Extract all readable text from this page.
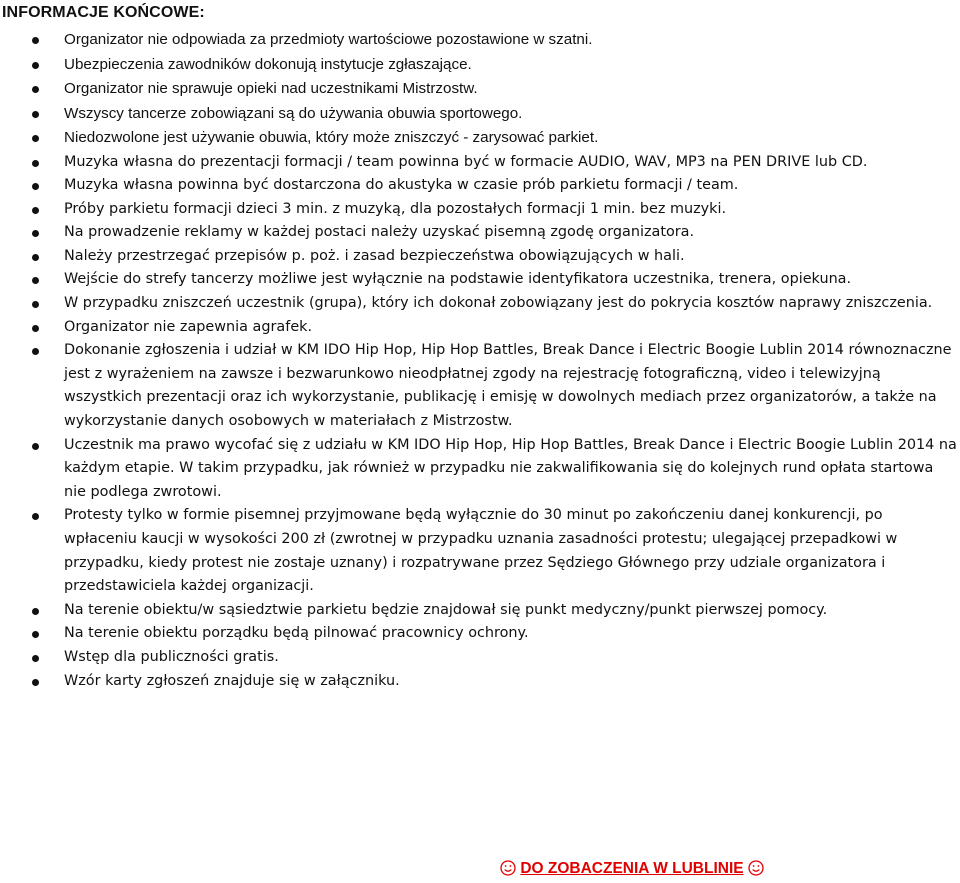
INFORMACJE KOŃCOWE:
Organizator nie odpowiada za przedmioty wartościowe pozostawione w szatni.
Ubezpieczenia zawodników dokonują instytucje zgłaszające.
Organizator nie sprawuje opieki nad uczestnikami Mistrzostw.
Wszyscy tancerze zobowiązani są do używania obuwia sportowego.
Niedozwolone jest używanie obuwia, który może zniszczyć - zarysować parkiet.
Muzyka własna do prezentacji formacji / team powinna być w formacie AUDIO, WAV, MP3 na PEN DRIVE lub CD.
Muzyka własna powinna być dostarczona do akustyka w czasie prób parkietu formacji / team.
Próby parkietu formacji dzieci 3 min. z muzyką, dla pozostałych formacji 1 min. bez muzyki.
Na prowadzenie reklamy w każdej postaci należy uzyskać pisemną zgodę organizatora.
Należy przestrzegać przepisów p. poż. i zasad bezpieczeństwa obowiązujących w hali.
Wejście do strefy tancerzy możliwe jest wyłącznie na podstawie identyfikatora uczestnika, trenera, opiekuna.
W przypadku zniszczeń uczestnik (grupa), który ich dokonał zobowiązany jest do pokrycia kosztów naprawy zniszczenia.
Organizator nie zapewnia agrafek.
Dokonanie zgłoszenia i udział w KM IDO Hip Hop, Hip Hop Battles, Break Dance i Electric Boogie Lublin 2014 równoznaczne jest z wyrażeniem na zawsze i bezwarunkowo nieodpłatnej zgody na rejestrację fotograficzną, video i telewizyjną wszystkich prezentacji oraz ich wykorzystanie, publikację i emisję w dowolnych mediach przez organizatorów, a także na wykorzystanie danych osobowych w materiałach z Mistrzostw.
Uczestnik ma prawo wycofać się z udziału w KM IDO Hip Hop, Hip Hop Battles, Break Dance i Electric Boogie Lublin 2014 na każdym etapie. W takim przypadku, jak również w przypadku nie zakwalifikowania się do kolejnych rund opłata startowa nie podlega zwrotowi.
Protesty tylko w formie pisemnej przyjmowane będą wyłącznie do 30 minut po zakończeniu danej konkurencji, po wpłaceniu kaucji w wysokości 200 zł (zwrotnej w przypadku uznania zasadności protestu; ulegającej przepadkowi w przypadku, kiedy protest nie zostaje uznany) i rozpatrywane przez Sędziego Głównego przy udziale organizatora i przedstawiciela każdej organizacji.
Na terenie obiektu/w sąsiedztwie parkietu będzie znajdował się punkt medyczny/punkt pierwszej pomocy.
Na terenie obiektu porządku będą pilnować pracownicy ochrony.
Wstęp dla publiczności gratis.
Wzór karty zgłoszeń znajduje się w załączniku.
DO ZOBACZENIA W LUBLINIE
